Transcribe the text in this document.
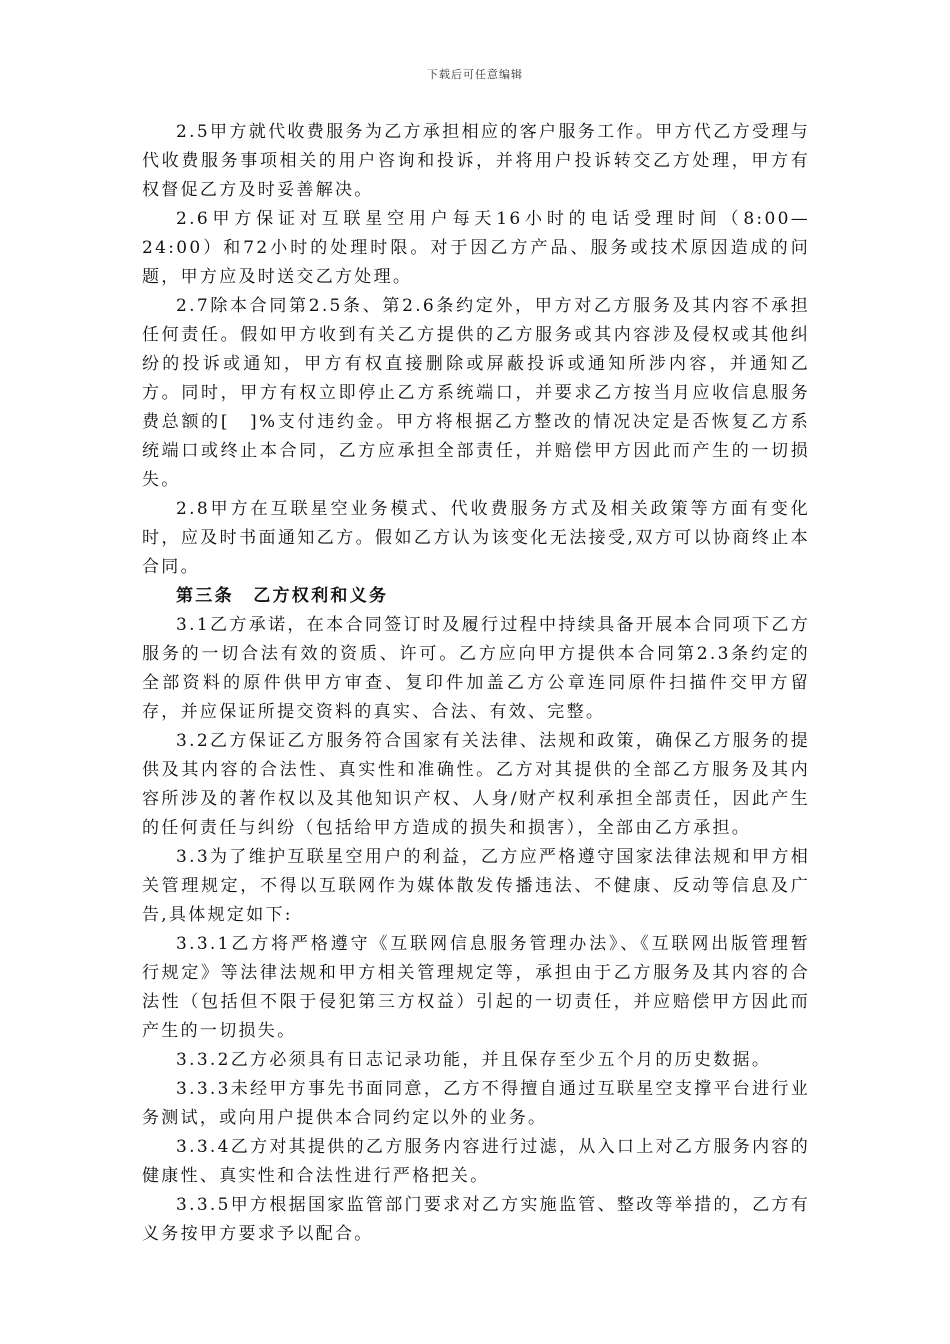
下载后可任意编辑

2.5甲方就代收费服务为乙方承担相应的客户服务工作。甲方代乙方受理与代收费服务事项相关的用户咨询和投诉，并将用户投诉转交乙方处理，甲方有权督促乙方及时妥善解决。

2.6甲方保证对互联星空用户每天16小时的电话受理时间（8:00—24:00）和72小时的处理时限。对于因乙方产品、服务或技术原因造成的问题，甲方应及时送交乙方处理。

2.7除本合同第2.5条、第2.6条约定外，甲方对乙方服务及其内容不承担任何责任。假如甲方收到有关乙方提供的乙方服务或其内容涉及侵权或其他纠纷的投诉或通知，甲方有权直接删除或屏蔽投诉或通知所涉内容，并通知乙方。同时，甲方有权立即停止乙方系统端口，并要求乙方按当月应收信息服务费总额的[　]%支付违约金。甲方将根据乙方整改的情况决定是否恢复乙方系统端口或终止本合同，乙方应承担全部责任，并赔偿甲方因此而产生的一切损失。

2.8甲方在互联星空业务模式、代收费服务方式及相关政策等方面有变化时，应及时书面通知乙方。假如乙方认为该变化无法接受,双方可以协商终止本合同。

第三条　乙方权利和义务

3.1乙方承诺，在本合同签订时及履行过程中持续具备开展本合同项下乙方服务的一切合法有效的资质、许可。乙方应向甲方提供本合同第2.3条约定的全部资料的原件供甲方审查、复印件加盖乙方公章连同原件扫描件交甲方留存，并应保证所提交资料的真实、合法、有效、完整。

3.2乙方保证乙方服务符合国家有关法律、法规和政策，确保乙方服务的提供及其内容的合法性、真实性和准确性。乙方对其提供的全部乙方服务及其内容所涉及的著作权以及其他知识产权、人身/财产权利承担全部责任，因此产生的任何责任与纠纷（包括给甲方造成的损失和损害），全部由乙方承担。

3.3为了维护互联星空用户的利益，乙方应严格遵守国家法律法规和甲方相关管理规定，不得以互联网作为媒体散发传播违法、不健康、反动等信息及广告,具体规定如下:

3.3.1乙方将严格遵守《互联网信息服务管理办法》、《互联网出版管理暂行规定》等法律法规和甲方相关管理规定等，承担由于乙方服务及其内容的合法性（包括但不限于侵犯第三方权益）引起的一切责任，并应赔偿甲方因此而产生的一切损失。

3.3.2乙方必须具有日志记录功能，并且保存至少五个月的历史数据。

3.3.3未经甲方事先书面同意，乙方不得擅自通过互联星空支撑平台进行业务测试，或向用户提供本合同约定以外的业务。

3.3.4乙方对其提供的乙方服务内容进行过滤，从入口上对乙方服务内容的健康性、真实性和合法性进行严格把关。

3.3.5甲方根据国家监管部门要求对乙方实施监管、整改等举措的，乙方有义务按甲方要求予以配合。
